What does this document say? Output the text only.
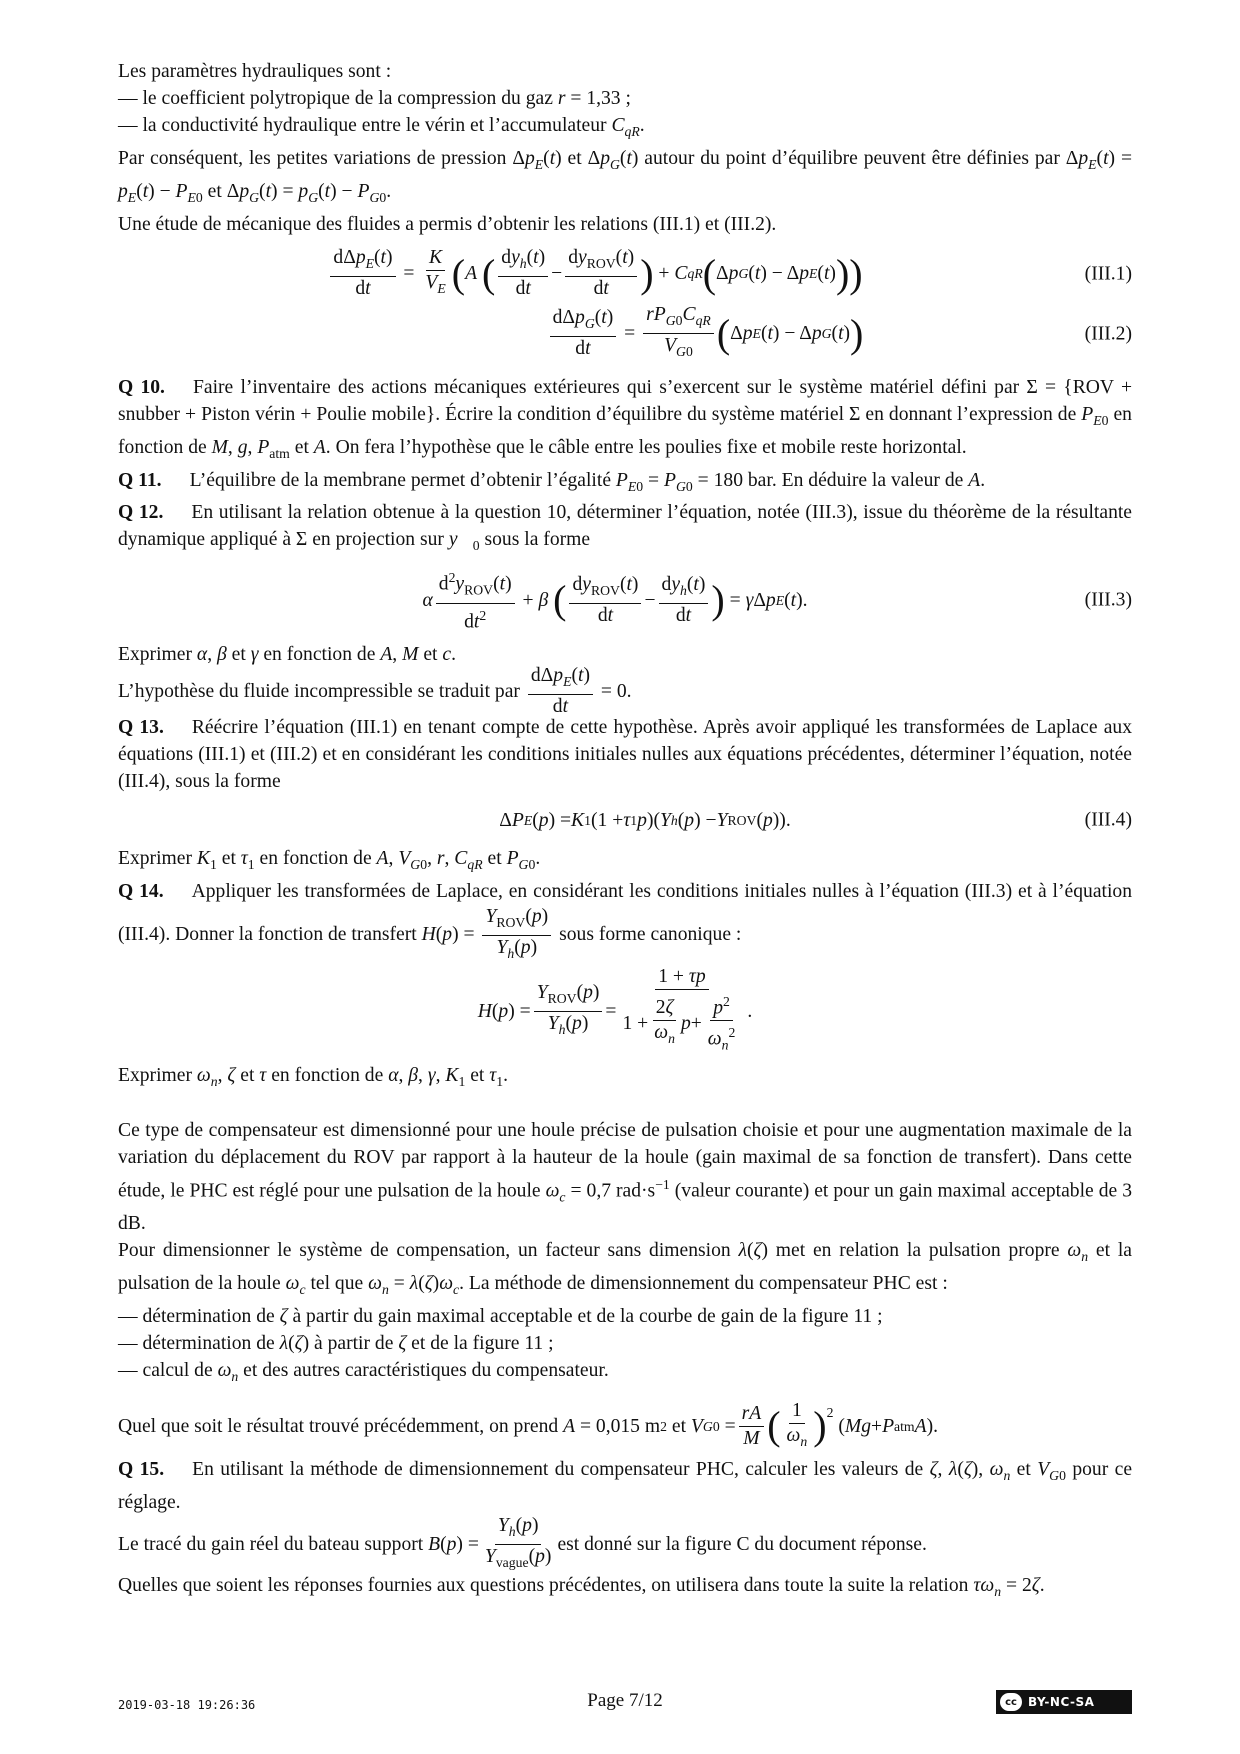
Les paramètres hydrauliques sont :

— le coefficient polytropique de la compression du gaz r = 1,33 ;

— la conductivité hydraulique entre le vérin et l’accumulateur $C_{qR}$.

Par conséquent, les petites variations de pression $\Delta p_E(t)$ et $\Delta p_G(t)$ autour du point d’équilibre peuvent être définies par $\Delta p_E(t) = p_E(t) - P_{E0}$ et $\Delta p_G(t) = p_G(t) - P_{G0}$.

Une étude de mécanique des fluides a permis d’obtenir les relations (III.1) et (III.2).

$\frac{d\Delta p_E(t)}{dt} = \frac{K}{V_E}$ ( A
( $\frac{dy_h(t)}{dt} - \frac{dy_{ROV}(t)}{dt}$ ) + C qR ( Δ p G ( t ) − Δ p E ( t ) ))	(III.1)
$\frac{d\Delta p_G(t)}{dt} = \frac{rP_{G0}C_{qR}}{V_{G0}}$ ( Δ p E ( t ) − Δ p G ( t ) )	(III.2)

Q 10. Faire l’inventaire des actions mécaniques extérieures qui s’exercent sur le système matériel défini par Σ = {ROV + snubber + Piston vérin + Poulie mobile}. Écrire la condition d’équilibre du système matériel Σ en donnant l’expression de $P_{E0}$ en fonction de M, g, $P_{atm}$ et A. On fera l’hypothèse que le câble entre les poulies fixe et mobile reste horizontal.

Q 11. L’équilibre de la membrane permet d’obtenir l’égalité $P_{E0} = P_{G0} = 180$ bar. En déduire la valeur de A.

Q 12. En utilisant la relation obtenue à la question 10, déterminer l’équation, notée (III.3), issue du théorème de la résultante dynamique appliqué à Σ en projection sur $y⃗_0$ sous la forme

α $\frac{d^2y_{ROV}(t)}{dt^2} + \beta$
( $\frac{dy_{ROV}(t)}{dt} - \frac{dy_h(t)}{dt}$ ) = γ Δ p E ( t ).	(III.3)

Exprimer α, β et γ en fonction de A, M et c.

L’hypothèse du fluide incompressible se traduit par
$\frac{d\Delta p_E(t)}{dt} = 0$.

Q 13. Réécrire l’équation (III.1) en tenant compte de cette hypothèse. Après avoir appliqué les transformées de Laplace aux équations (III.1) et (III.2) et en considérant les conditions initiales nulles aux équations précédentes, déterminer l’équation, notée (III.4), sous la forme

Δ P E ( p ) = K 1 (1 + τ 1 p )( Y h ( p ) − Y ROV ( p )).	(III.4)

Exprimer $K_1$ et $\tau_1$ en fonction de A, $V_{G0}$, r, $C_{qR}$ et $P_{G0}$.

Q 14. Appliquer les transformées de Laplace, en considérant les conditions initiales nulles à l’équation (III.3) et à l’équation (III.4). Donner la fonction de transfert $H(p) = \frac{Y_{ROV}(p)}{Y_h(p)}$ sous forme canonique :

H ( p ) = $\frac{Y_{ROV}(p)}{Y_h(p)} = \frac{1 + \tau p}{1 + \frac{2\zeta}{\omega_n} p + \frac{p^2}{\omega_n^2}}$ .

Exprimer $\omega_n$, ζ et τ en fonction de α, β, γ, $K_1$ et $\tau_1$.

Ce type de compensateur est dimensionné pour une houle précise de pulsation choisie et pour une augmentation maximale de la variation du déplacement du ROV par rapport à la hauteur de la houle (gain maximal de sa fonction de transfert). Dans cette étude, le PHC est réglé pour une pulsation de la houle $\omega_c = 0,7$ $rad\cdot s^{-1}$ (valeur courante) et pour un gain maximal acceptable de 3 dB.

Pour dimensionner le système de compensation, un facteur sans dimension λ(ζ) met en relation la pulsation propre $\omega_n$ et la pulsation de la houle $\omega_c$ tel que $\omega_n = \lambda(\zeta)\omega_c$. La méthode de dimensionnement du compensateur PHC est :

— détermination de ζ à partir du gain maximal acceptable et de la courbe de gain de la figure 11 ;

— détermination de λ(ζ) à partir de ζ et de la figure 11 ;

— calcul de $\omega_n$ et des autres caractéristiques du compensateur.

Quel que soit le résultat trouvé précédemment, on prend A = 0,015 m 2 et V G $0 = \frac{rA}{M}$ ( $\frac{1}{\omega_n} )^2$
( Mg + P atm A ).

Q 15. En utilisant la méthode de dimensionnement du compensateur PHC, calculer les valeurs de ζ, λ(ζ), $\omega_n$ et $V_{G0}$ pour ce réglage.

Le tracé du gain réel du bateau support
B ( p ) = $\frac{Y_h(p)}{Y_{vague}(p)}$ est donné sur la figure C du document réponse.

Quelles que soient les réponses fournies aux questions précédentes, on utilisera dans toute la suite la relation $\tau\omega_n = 2\zeta$.

2019-03-18 19:26:36	Page 7/12	cc BY-NC-SA
